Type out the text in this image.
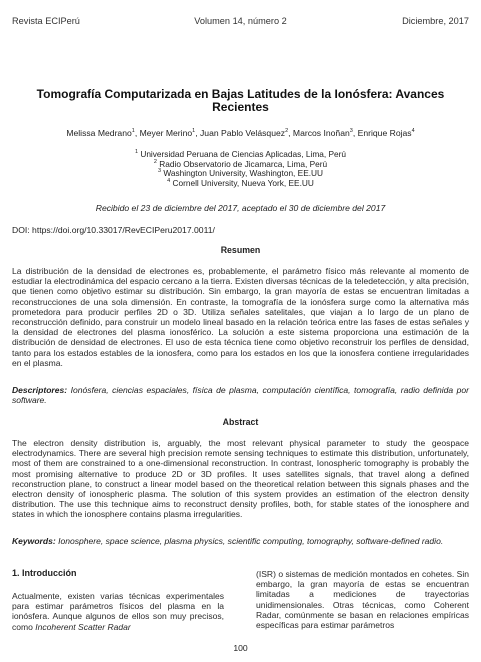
Revista ECIPerú	Volumen 14, número 2	Diciembre, 2017
Tomografía Computarizada en Bajas Latitudes de la Ionósfera: Avances
Recientes
Melissa Medrano$^1$, Meyer Merino$^1$, Juan Pablo Velásquez$^2$, Marcos Inoñan$^3$, Enrique Rojas$^4$
$^1$ Universidad Peruana de Ciencias Aplicadas, Lima, Perú
$^2$ Radio Observatorio de Jicamarca, Lima, Perú
$^3$ Washington University, Washington, EE.UU
$^4$ Cornell University, Nueva York, EE.UU
Recibido el 23 de diciembre del 2017, aceptado el 30 de diciembre del 2017
DOI: https://doi.org/10.33017/RevECIPeru2017.0011/
Resumen
La distribución de la densidad de electrones es, probablemente, el parámetro físico más relevante al momento de estudiar la electrodinámica del espacio cercano a la tierra. Existen diversas técnicas de la teledetección, y alta precisión, que tienen como objetivo estimar su distribución. Sin embargo, la gran mayoría de estas se encuentran limitadas a reconstrucciones de una sola dimensión. En contraste, la tomografía de la ionósfera surge como la alternativa más prometedora para producir perfiles 2D o 3D. Utiliza señales satelitales, que viajan a lo largo de un plano de reconstrucción definido, para construir un modelo lineal basado en la relación teórica entre las fases de estas señales y la densidad de electrones del plasma ionosférico. La solución a este sistema proporciona una estimación de la distribución de densidad de electrones. El uso de esta técnica tiene como objetivo reconstruir los perfiles de densidad, tanto para los estados estables de la ionosfera, como para los estados en los que la ionosfera contiene irregularidades en el plasma.
Descriptores: Ionósfera, ciencias espaciales, física de plasma, computación científica, tomografía, radio definida por software.
Abstract
The electron density distribution is, arguably, the most relevant physical parameter to study the geospace electrodynamics. There are several high precision remote sensing techniques to estimate this distribution, unfortunately, most of them are constrained to a one-dimensional reconstruction. In contrast, Ionospheric tomography is probably the most promising alternative to produce 2D or 3D profiles. It uses satellites signals, that travel along a defined reconstruction plane, to construct a linear model based on the theoretical relation between this signals phases and the electron density of ionospheric plasma. The solution of this system provides an estimation of the electron density distribution. The use this technique aims to reconstruct density profiles, both, for stable states of the ionosphere and states in which the ionosphere contains plasma irregularities.
Keywords: Ionosphere, space science, plasma physics, scientific computing, tomography, software-defined radio.
1. Introducción
Actualmente, existen varias técnicas experimentales para estimar parámetros físicos del plasma en la ionósfera. Aunque algunos de ellos son muy precisos, como Incoherent Scatter Radar
(ISR) o sistemas de medición montados en cohetes. Sin embargo, la gran mayoría de estas se encuentran limitadas a mediciones de trayectorias unidimensionales. Otras técnicas, como Coherent Radar, comúnmente se basan en relaciones empíricas específicas para estimar parámetros
100
